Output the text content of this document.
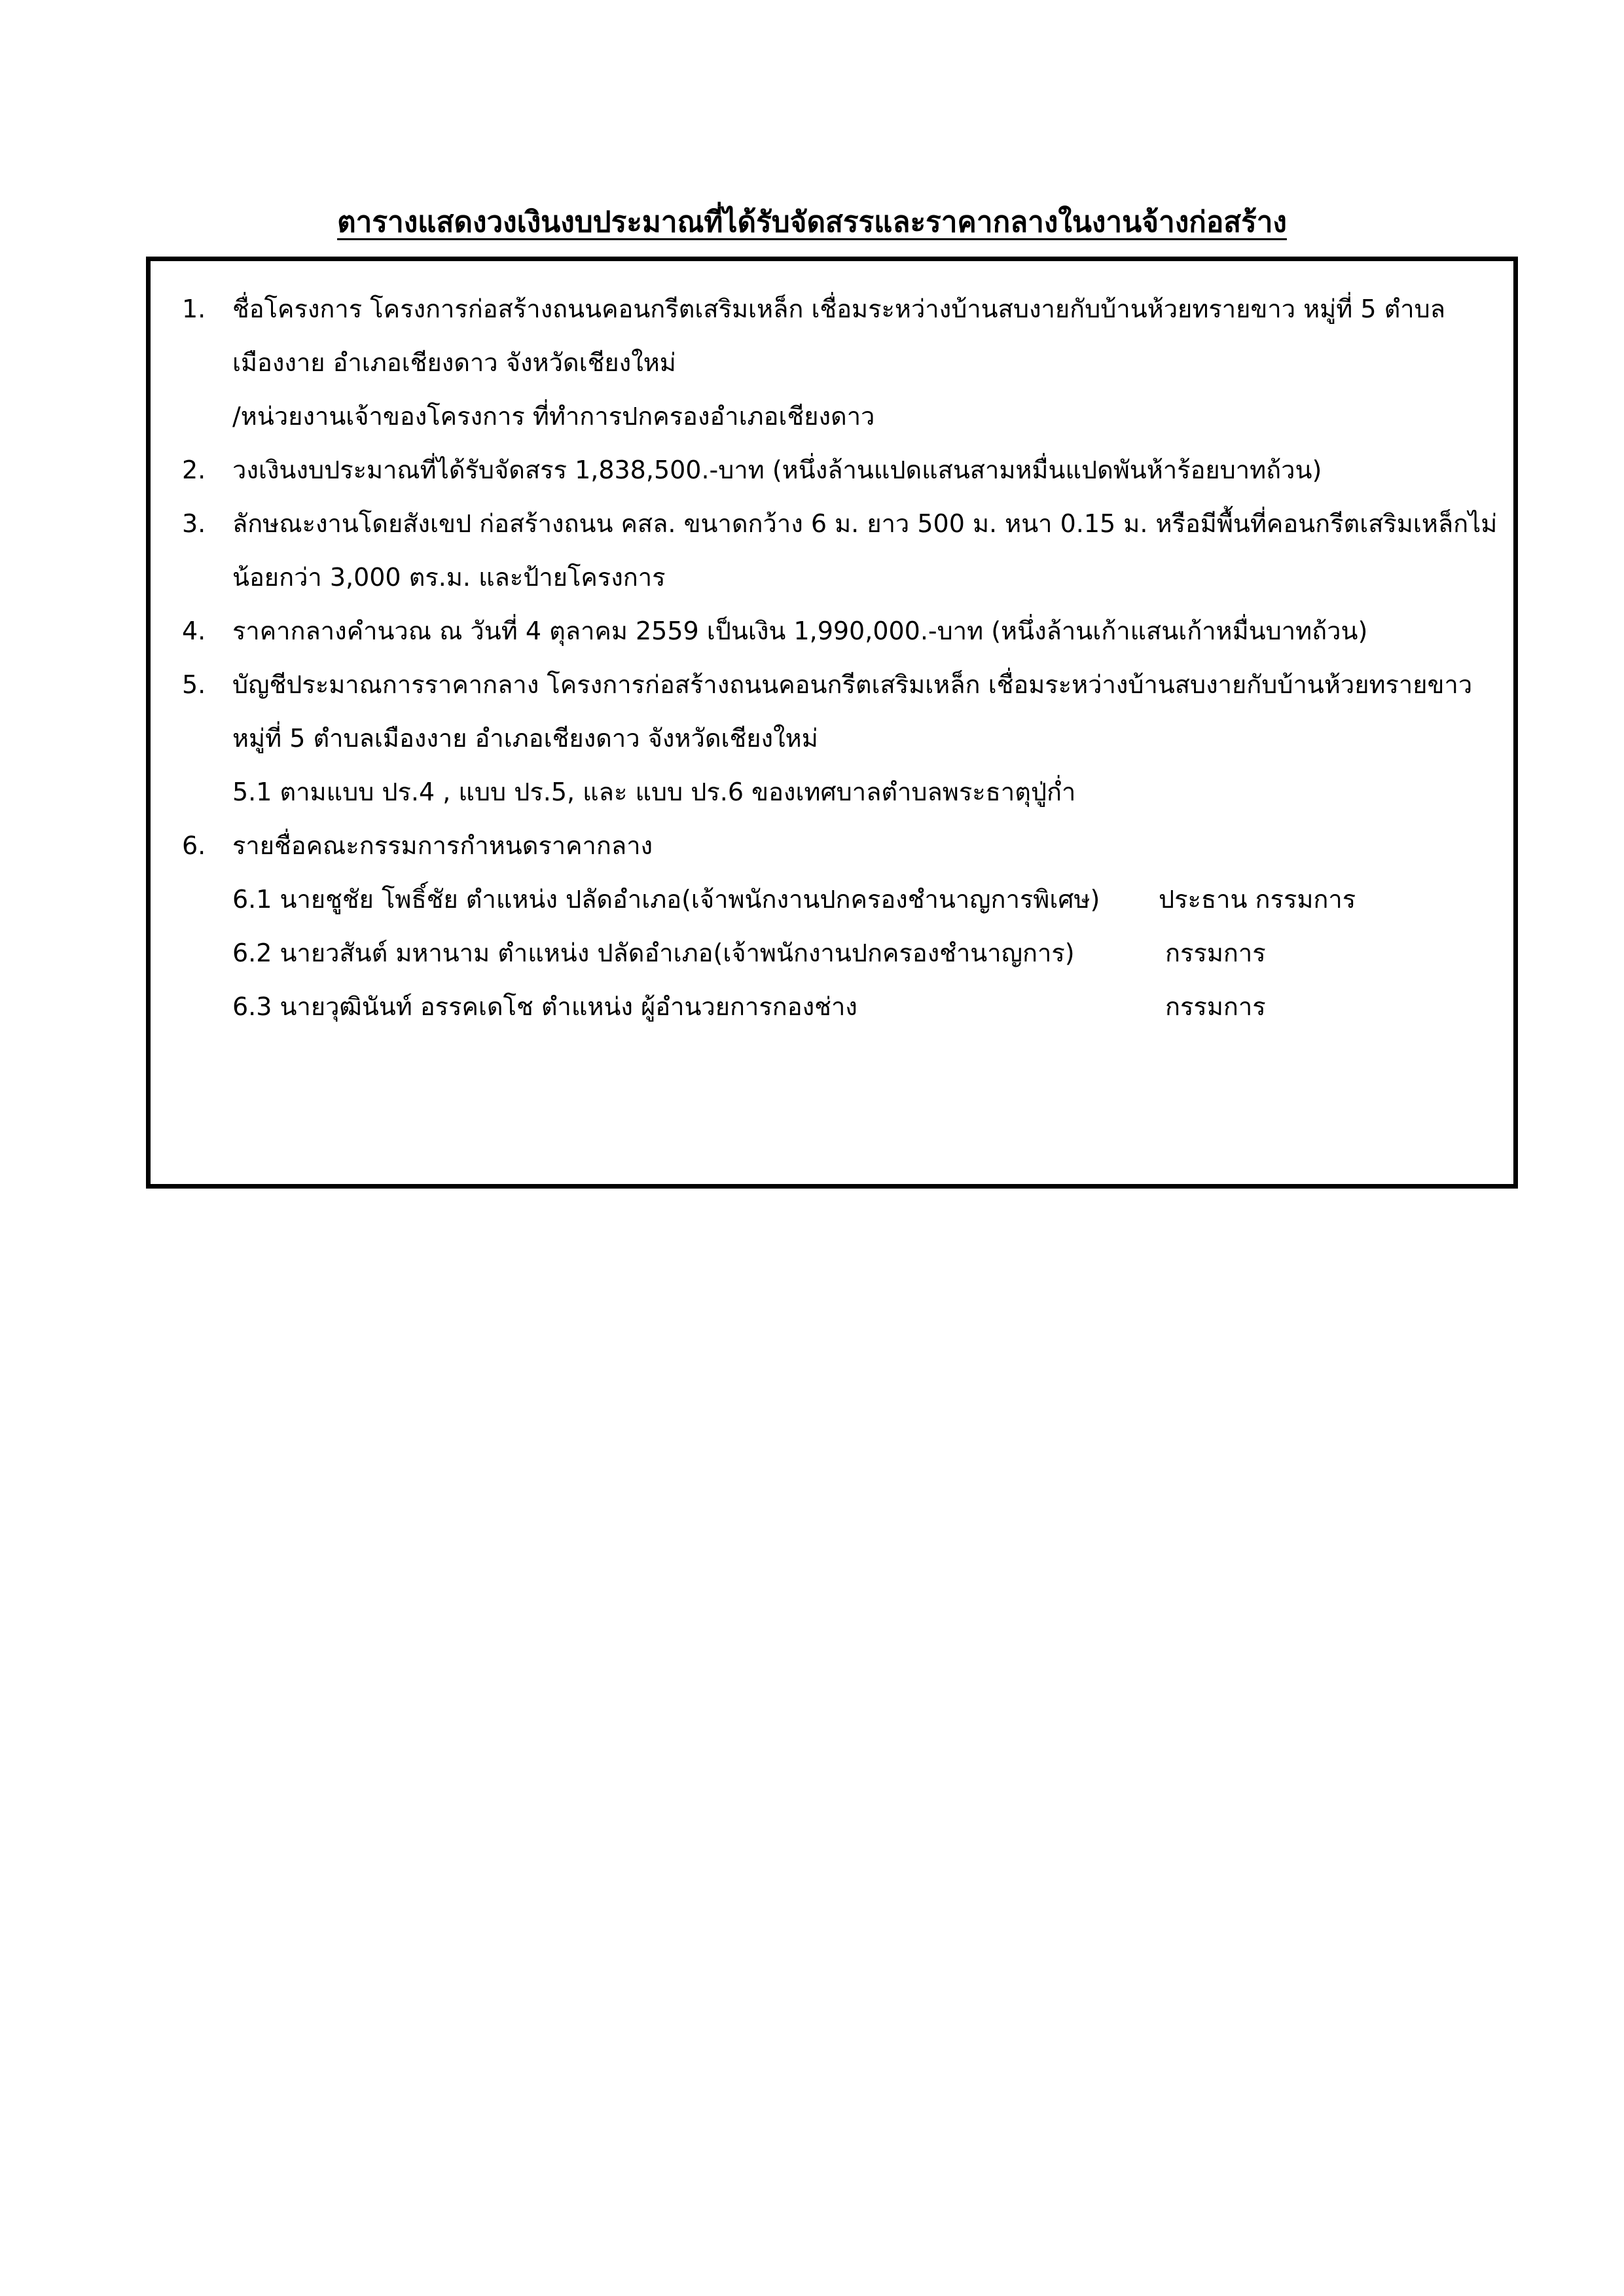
ตารางแสดงวงเงินงบประมาณที่ได้รับจัดสรรและราคากลางในงานจ้างก่อสร้าง
1. ชื่อโครงการ โครงการก่อสร้างถนนคอนกรีตเสริมเหล็ก เชื่อมระหว่างบ้านสบงายกับบ้านห้วยทรายขาว หมู่ที่ 5 ตำบล
เมืองงาย อำเภอเชียงดาว จังหวัดเชียงใหม่
/หน่วยงานเจ้าของโครงการ ที่ทำการปกครองอำเภอเชียงดาว
2. วงเงินงบประมาณที่ได้รับจัดสรร 1,838,500.-บาท (หนึ่งล้านแปดแสนสามหมื่นแปดพันห้าร้อยบาทถ้วน)
3. ลักษณะงานโดยสังเขป ก่อสร้างถนน คสล. ขนาดกว้าง 6 ม. ยาว 500 ม. หนา 0.15 ม. หรือมีพื้นที่คอนกรีตเสริมเหล็กไม่
น้อยกว่า 3,000 ตร.ม. และป้ายโครงการ
4. ราคากลางคำนวณ ณ วันที่ 4 ตุลาคม 2559 เป็นเงิน 1,990,000.-บาท (หนึ่งล้านเก้าแสนเก้าหมื่นบาทถ้วน)
5. บัญชีประมาณการราคากลาง โครงการก่อสร้างถนนคอนกรีตเสริมเหล็ก เชื่อมระหว่างบ้านสบงายกับบ้านห้วยทรายขาว
หมู่ที่ 5 ตำบลเมืองงาย อำเภอเชียงดาว จังหวัดเชียงใหม่
5.1 ตามแบบ ปร.4 , แบบ ปร.5, และ แบบ ปร.6 ของเทศบาลตำบลพระธาตุปู่ก่ำ
6. รายชื่อคณะกรรมการกำหนดราคากลาง
6.1 นายชูชัย โพธิ์ชัย ตำแหน่ง ปลัดอำเภอ(เจ้าพนักงานปกครองชำนาญการพิเศษ) ประธาน กรรมการ
6.2 นายวสันต์ มหานาม ตำแหน่ง ปลัดอำเภอ(เจ้าพนักงานปกครองชำนาญการ)	กรรมการ
6.3 นายวุฒินันท์ อรรคเดโช ตำแหน่ง ผู้อำนวยการกองช่าง	กรรมการ
